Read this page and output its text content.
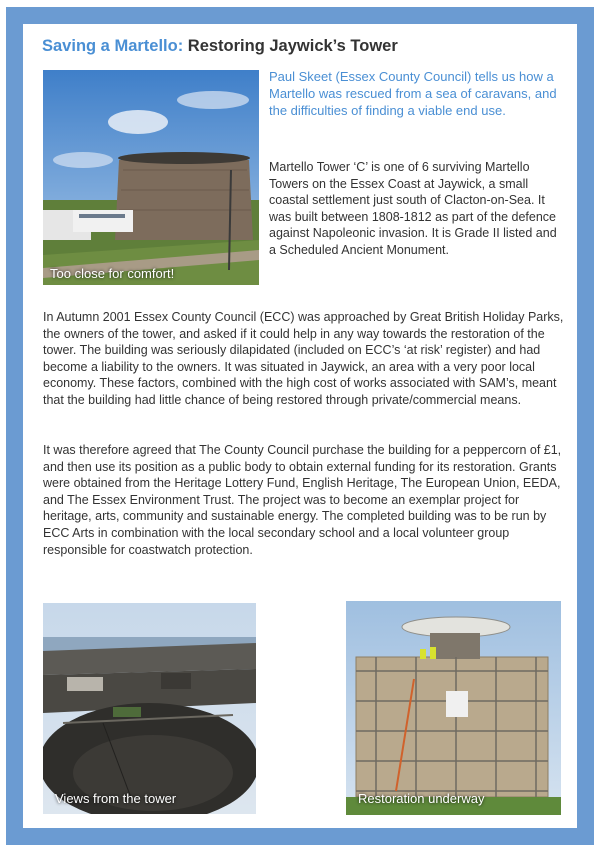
Saving a Martello: Restoring Jaywick’s Tower
Too close for comfort!

Paul Skeet (Essex County Council) tells us how a Martello was rescued from a sea of caravans, and the difficulties of finding a viable end use.

Martello Tower ‘C’ is one of 6 surviving Martello Towers on the Essex Coast at Jaywick, a small coastal settlement just south of Clacton-on-Sea. It was built between 1808-1812 as part of the defence against Napoleonic invasion. It is Grade II listed and a Scheduled Ancient Monument.

In Autumn 2001 Essex County Council (ECC) was approached by Great British Holiday Parks, the owners of the tower, and asked if it could help in any way towards the restoration of the tower. The building was seriously dilapidated (included on ECC’s ‘at risk’ register) and had become a liability to the owners. It was situated in Jaywick, an area with a very poor local economy. These factors, combined with the high cost of works associated with SAM’s, meant that the building had little chance of being restored through private/commercial means.

It was therefore agreed that The County Council purchase the building for a peppercorn of £1, and then use its position as a public body to obtain external funding for its restoration. Grants were obtained from the Heritage Lottery Fund, English Heritage, The European Union, EEDA, and The Essex Environment Trust. The project was to become an exemplar project for heritage, arts, community and sustainable energy. The completed building was to be run by ECC Arts in combination with the local secondary school and a local volunteer group responsible for coastwatch protection.

Views from the tower	Restoration underway
